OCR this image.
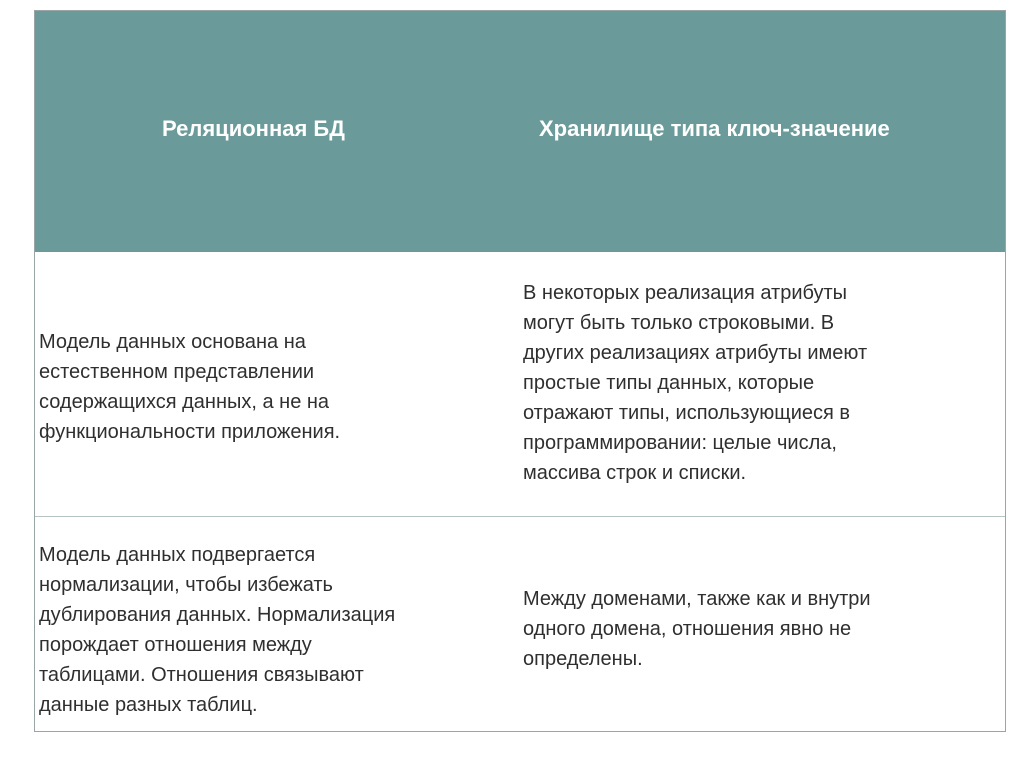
Реляционная БД	Хранилище типа ключ-значение

Модель данных основана на

естественном представлении

содержащихся данных, а не на

функциональности приложения.

В некоторых реализация атрибуты

могут быть только строковыми. В

других реализациях атрибуты имеют

простые типы данных, которые

отражают типы, использующиеся в

программировании: целые числа,

массива строк и списки.

Модель данных подвергается

нормализации, чтобы избежать

дублирования данных. Нормализация

порождает отношения между

таблицами. Отношения связывают

данные разных таблиц.

Между доменами, также как и внутри

одного домена, отношения явно не

определены.
